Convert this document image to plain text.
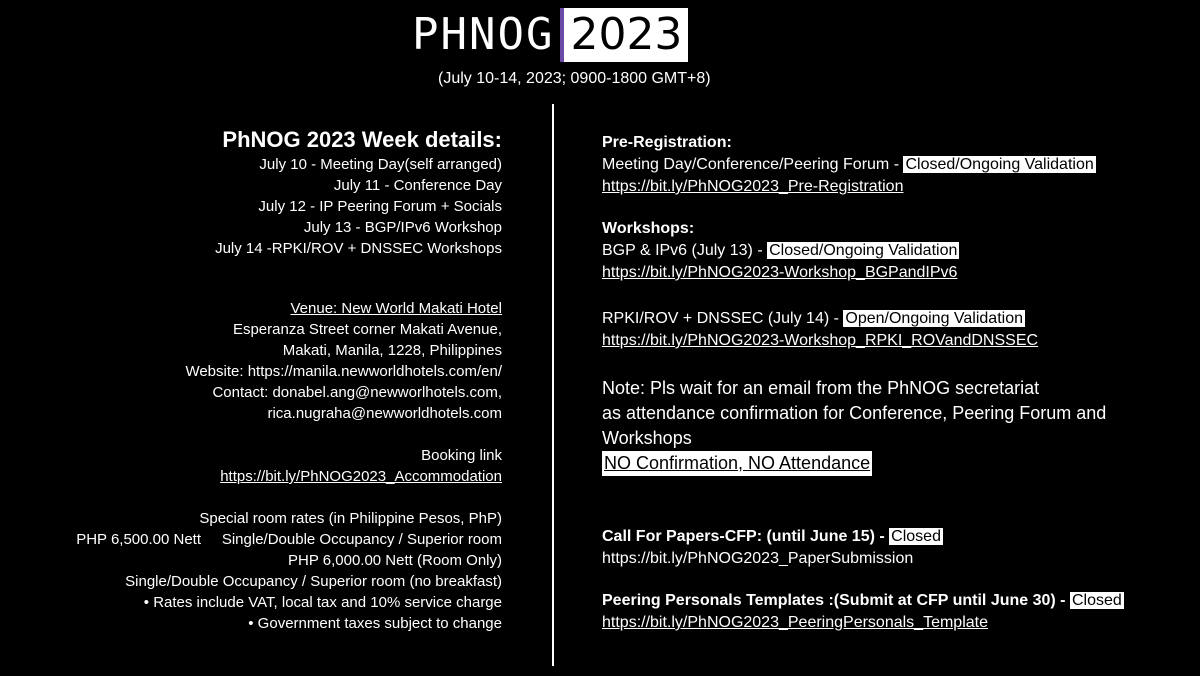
PHNOG 2023
(July 10-14, 2023; 0900-1800 GMT+8)
PhNOG 2023 Week details:
July 10 - Meeting Day(self arranged)
July 11 - Conference Day
July 12 - IP Peering Forum + Socials
July 13 - BGP/IPv6 Workshop
July 14 -RPKI/ROV + DNSSEC Workshops
Venue: New World Makati Hotel
Esperanza Street corner Makati Avenue,
Makati, Manila, 1228, Philippines
Website: https://manila.newworldhotels.com/en/
Contact: donabel.ang@newworlhotels.com,
rica.nugraha@newworldhotels.com
Booking link
https://bit.ly/PhNOG2023_Accommodation
Special room rates (in Philippine Pesos, PhP)
PHP 6,500.00 Nett     Single/Double Occupancy / Superior room
PHP 6,000.00 Nett (Room Only)
Single/Double Occupancy / Superior room (no breakfast)
• Rates include VAT, local tax and 10% service charge
• Government taxes subject to change
Pre-Registration:
Meeting Day/Conference/Peering Forum - Closed/Ongoing Validation
https://bit.ly/PhNOG2023_Pre-Registration
Workshops:
BGP & IPv6 (July 13) - Closed/Ongoing Validation
https://bit.ly/PhNOG2023-Workshop_BGPandIPv6
RPKI/ROV + DNSSEC (July 14) - Open/Ongoing Validation
https://bit.ly/PhNOG2023-Workshop_RPKI_ROVandDNSSEC
Note: Pls wait for an email from the PhNOG secretariat
as attendance confirmation for Conference, Peering Forum and
Workshops
NO Confirmation, NO Attendance
Call For Papers-CFP: (until June 15) - Closed
https://bit.ly/PhNOG2023_PaperSubmission
Peering Personals Templates :(Submit at CFP until June 30) - Closed
https://bit.ly/PhNOG2023_PeeringPersonals_Template
